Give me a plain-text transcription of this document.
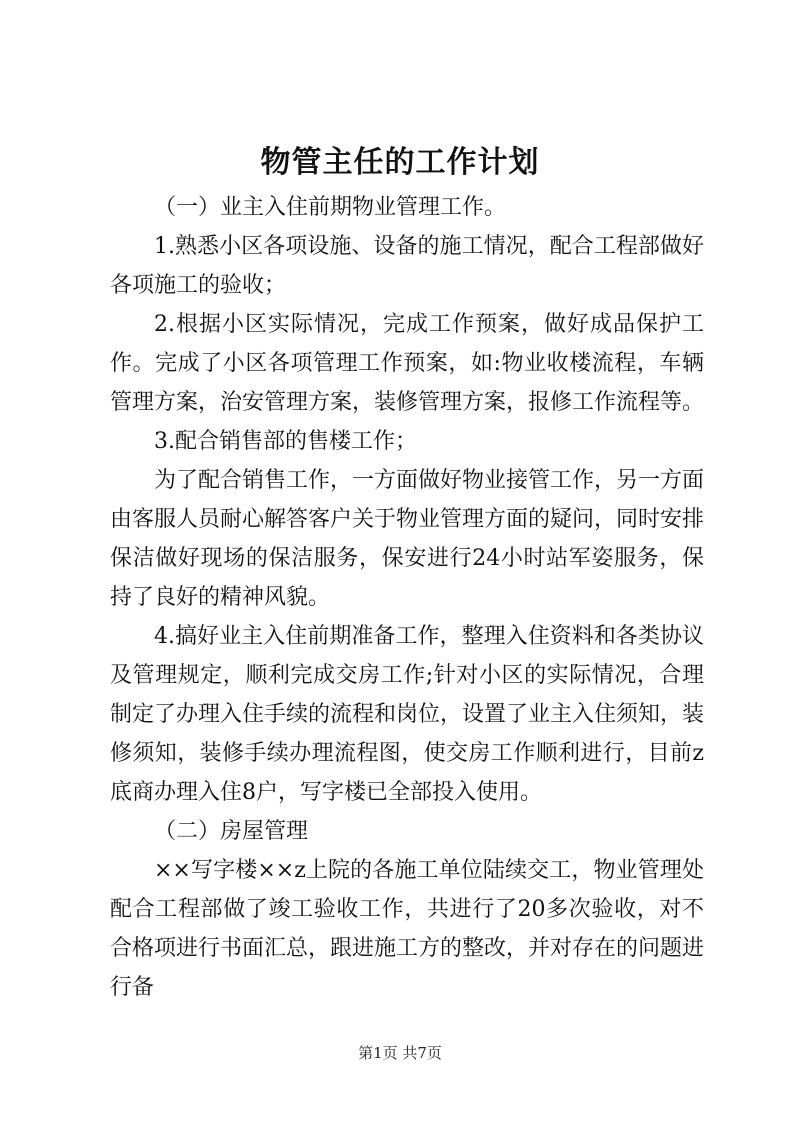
物管主任的工作计划

（一）业主入住前期物业管理工作。

1.熟悉小区各项设施、设备的施工情况，配合工程部做好各项施工的验收；

2.根据小区实际情况，完成工作预案，做好成品保护工作。完成了小区各项管理工作预案，如:物业收楼流程，车辆管理方案，治安管理方案，装修管理方案，报修工作流程等。

3.配合销售部的售楼工作；

为了配合销售工作，一方面做好物业接管工作，另一方面由客服人员耐心解答客户关于物业管理方面的疑问，同时安排保洁做好现场的保洁服务，保安进行24小时站军姿服务，保持了良好的精神风貌。

4.搞好业主入住前期准备工作，整理入住资料和各类协议及管理规定，顺利完成交房工作;针对小区的实际情况，合理制定了办理入住手续的流程和岗位，设置了业主入住须知，装修须知，装修手续办理流程图，使交房工作顺利进行，目前z底商办理入住8户，写字楼已全部投入使用。

（二）房屋管理

××写字楼××z上院的各施工单位陆续交工，物业管理处配合工程部做了竣工验收工作，共进行了20多次验收，对不合格项进行书面汇总，跟进施工方的整改，并对存在的问题进行备

第1页 共7页
